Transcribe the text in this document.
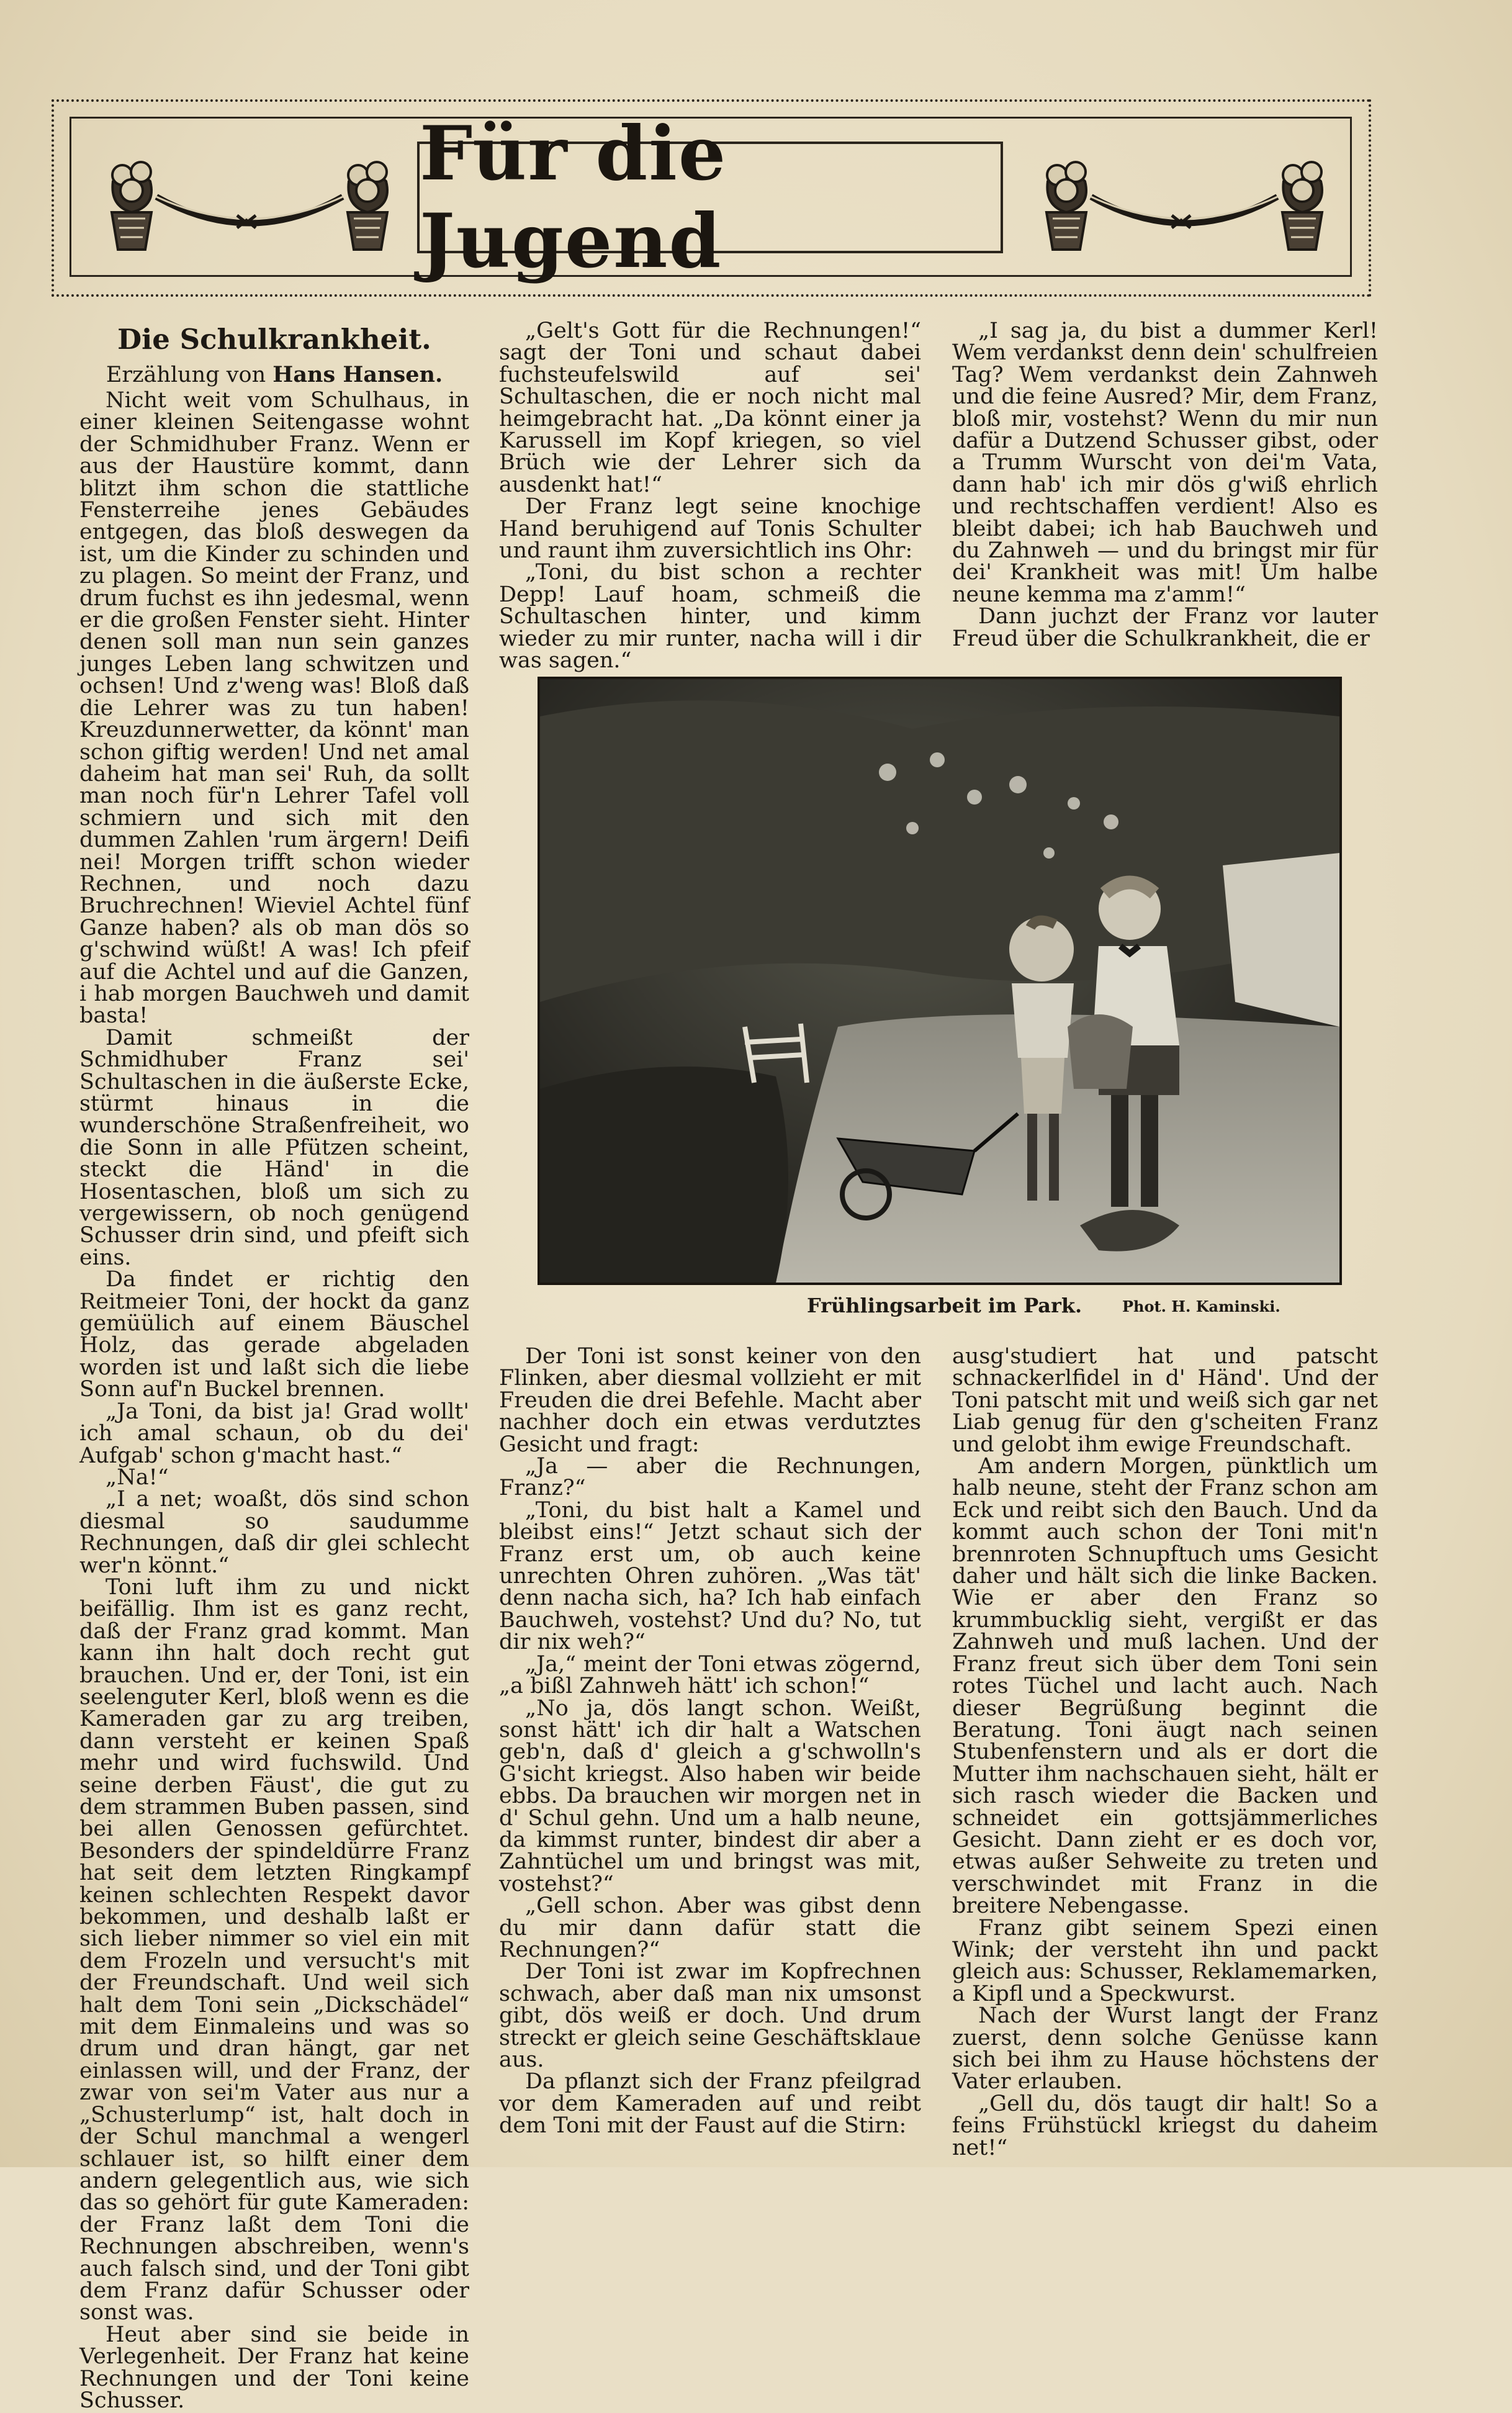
Für die Jugend
Die Schulkrankheit.
Erzählung von Hans Hansen.

Nicht weit vom Schulhaus, in einer kleinen Seitengasse wohnt der Schmidhuber Franz. Wenn er aus der Haustüre kommt, dann blitzt ihm schon die stattliche Fensterreihe jenes Gebäudes entgegen, das bloß deswegen da ist, um die Kinder zu schinden und zu plagen. So meint der Franz, und drum fuchst es ihn jedesmal, wenn er die großen Fenster sieht. Hinter denen soll man nun sein ganzes junges Leben lang schwitzen und ochsen! Und z'weng was! Bloß daß die Lehrer was zu tun haben! Kreuzdunnerwetter, da könnt' man schon giftig werden! Und net amal daheim hat man sei' Ruh, da sollt man noch für'n Lehrer Tafel voll schmiern und sich mit den dummen Zahlen 'rum ärgern! Deifi nei! Morgen trifft schon wieder Rechnen, und noch dazu Bruchrechnen! Wieviel Achtel fünf Ganze haben? als ob man dös so g'schwind wüßt! A was! Ich pfeif auf die Achtel und auf die Ganzen, i hab morgen Bauchweh und damit basta!

Damit schmeißt der Schmidhuber Franz sei' Schultaschen in die äußerste Ecke, stürmt hinaus in die wunderschöne Straßenfreiheit, wo die Sonn in alle Pfützen scheint, steckt die Händ' in die Hosentaschen, bloß um sich zu vergewissern, ob noch genügend Schusser drin sind, und pfeift sich eins.

Da findet er richtig den Reitmeier Toni, der hockt da ganz gemüülich auf einem Bäuschel Holz, das gerade abgeladen worden ist und laßt sich die liebe Sonn auf'n Buckel brennen.

„Ja Toni, da bist ja! Grad wollt' ich amal schaun, ob du dei' Aufgab' schon g'macht hast.“

„Na!“

„I a net; woaßt, dös sind schon diesmal so saudumme Rechnungen, daß dir glei schlecht wer'n könnt.“

Toni luft ihm zu und nickt beifällig. Ihm ist es ganz recht, daß der Franz grad kommt. Man kann ihn halt doch recht gut brauchen. Und er, der Toni, ist ein seelenguter Kerl, bloß wenn es die Kameraden gar zu arg treiben, dann versteht er keinen Spaß mehr und wird fuchswild. Und seine derben Fäust', die gut zu dem strammen Buben passen, sind bei allen Genossen gefürchtet. Besonders der spindeldürre Franz hat seit dem letzten Ringkampf keinen schlechten Respekt davor bekommen, und deshalb laßt er sich lieber nimmer so viel ein mit dem Frozeln und versucht's mit der Freundschaft. Und weil sich halt dem Toni sein „Dickschädel“ mit dem Einmaleins und was so drum und dran hängt, gar net einlassen will, und der Franz, der zwar von sei'm Vater aus nur a „Schusterlump“ ist, halt doch in der Schul manchmal a wengerl schlauer ist, so hilft einer dem andern gelegentlich aus, wie sich das so gehört für gute Kameraden: der Franz laßt dem Toni die Rechnungen abschreiben, wenn's auch falsch sind, und der Toni gibt dem Franz dafür Schusser oder sonst was.

Heut aber sind sie beide in Verlegenheit. Der Franz hat keine Rechnungen und der Toni keine Schusser.

„Gelt's Gott für die Rechnungen!“ sagt der Toni und schaut dabei fuchsteufelswild auf sei' Schultaschen, die er noch nicht mal heimgebracht hat. „Da könnt einer ja Karussell im Kopf kriegen, so viel Brüch wie der Lehrer sich da ausdenkt hat!“

Der Franz legt seine knochige Hand beruhigend auf Tonis Schulter und raunt ihm zuversichtlich ins Ohr:

„Toni, du bist schon a rechter Depp! Lauf hoam, schmeiß die Schultaschen hinter, und kimm wieder zu mir runter, nacha will i dir was sagen.“

„I sag ja, du bist a dummer Kerl! Wem verdankst denn dein' schulfreien Tag? Wem verdankst dein Zahnweh und die feine Ausred? Mir, dem Franz, bloß mir, vostehst? Wenn du mir nun dafür a Dutzend Schusser gibst, oder a Trumm Wurscht von dei'm Vata, dann hab' ich mir dös g'wiß ehrlich und rechtschaffen verdient! Also es bleibt dabei; ich hab Bauchweh und du Zahnweh — und du bringst mir für dei' Krankheit was mit! Um halbe neune kemma ma z'amm!“

Dann juchzt der Franz vor lauter Freud über die Schulkrankheit, die er

Frühlingsarbeit im Park.	Phot. H. Kaminski.

Der Toni ist sonst keiner von den Flinken, aber diesmal vollzieht er mit Freuden die drei Befehle. Macht aber nachher doch ein etwas verdutztes Gesicht und fragt:

„Ja — aber die Rechnungen, Franz?“

„Toni, du bist halt a Kamel und bleibst eins!“ Jetzt schaut sich der Franz erst um, ob auch keine unrechten Ohren zuhören. „Was tät' denn nacha sich, ha? Ich hab einfach Bauchweh, vostehst? Und du? No, tut dir nix weh?“

„Ja,“ meint der Toni etwas zögernd, „a bißl Zahnweh hätt' ich schon!“

„No ja, dös langt schon. Weißt, sonst hätt' ich dir halt a Watschen geb'n, daß d' gleich a g'schwolln's G'sicht kriegst. Also haben wir beide ebbs. Da brauchen wir morgen net in d' Schul gehn. Und um a halb neune, da kimmst runter, bindest dir aber a Zahntüchel um und bringst was mit, vostehst?“

„Gell schon. Aber was gibst denn du mir dann dafür statt die Rechnungen?“

Der Toni ist zwar im Kopfrechnen schwach, aber daß man nix umsonst gibt, dös weiß er doch. Und drum streckt er gleich seine Geschäftsklaue aus.

Da pflanzt sich der Franz pfeilgrad vor dem Kameraden auf und reibt dem Toni mit der Faust auf die Stirn:

ausg'studiert hat und patscht schnackerlfidel in d' Händ'. Und der Toni patscht mit und weiß sich gar net Liab genug für den g'scheiten Franz und gelobt ihm ewige Freundschaft.

Am andern Morgen, pünktlich um halb neune, steht der Franz schon am Eck und reibt sich den Bauch. Und da kommt auch schon der Toni mit'n brennroten Schnupftuch ums Gesicht daher und hält sich die linke Backen. Wie er aber den Franz so krummbucklig sieht, vergißt er das Zahnweh und muß lachen. Und der Franz freut sich über dem Toni sein rotes Tüchel und lacht auch. Nach dieser Begrüßung beginnt die Beratung. Toni äugt nach seinen Stubenfenstern und als er dort die Mutter ihm nachschauen sieht, hält er sich rasch wieder die Backen und schneidet ein gottsjämmerliches Gesicht. Dann zieht er es doch vor, etwas außer Sehweite zu treten und verschwindet mit Franz in die breitere Nebengasse.

Franz gibt seinem Spezi einen Wink; der versteht ihn und packt gleich aus: Schusser, Reklamemarken, a Kipfl und a Speckwurst.

Nach der Wurst langt der Franz zuerst, denn solche Genüsse kann sich bei ihm zu Hause höchstens der Vater erlauben.

„Gell du, dös taugt dir halt! So a feins Frühstückl kriegst du daheim net!“
